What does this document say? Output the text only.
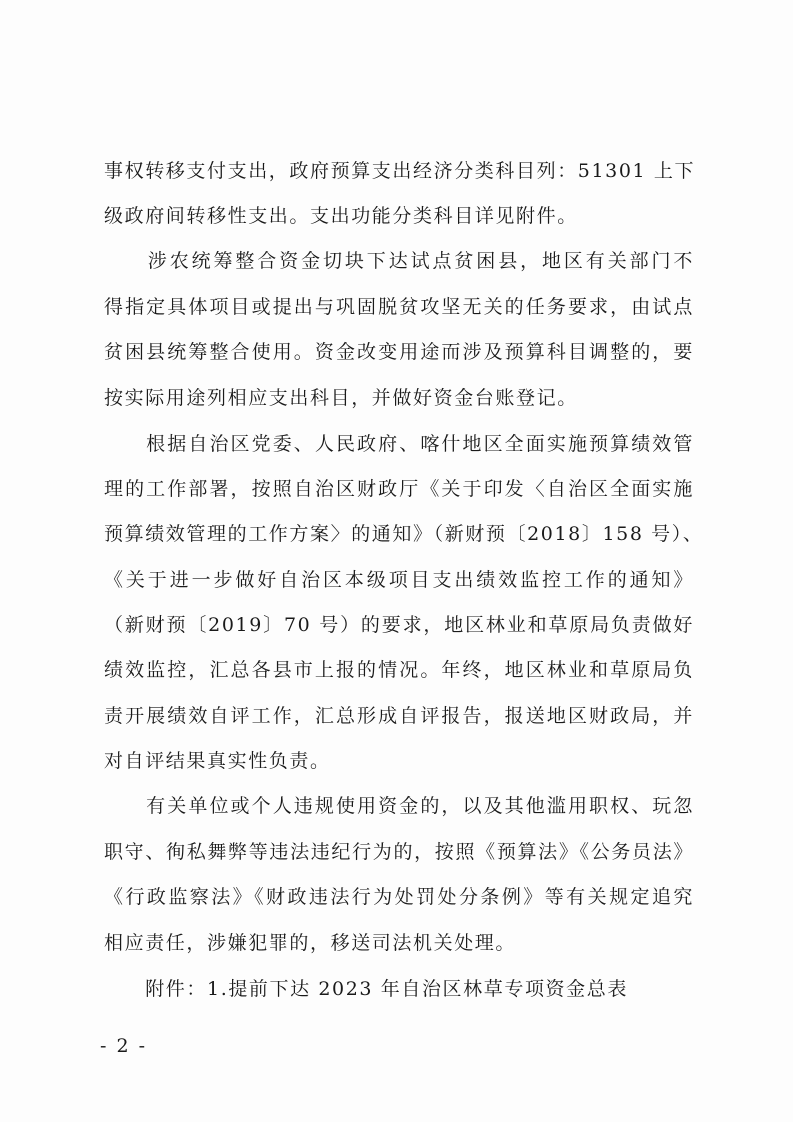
事权转移支付支出，政府预算支出经济分类科目列：51301 上下
级政府间转移性支出。支出功能分类科目详见附件。
　　涉农统筹整合资金切块下达试点贫困县，地区有关部门不
得指定具体项目或提出与巩固脱贫攻坚无关的任务要求，由试点
贫困县统筹整合使用。资金改变用途而涉及预算科目调整的，要
按实际用途列相应支出科目，并做好资金台账登记。
　　根据自治区党委、人民政府、喀什地区全面实施预算绩效管
理的工作部署，按照自治区财政厅《关于印发〈自治区全面实施
预算绩效管理的工作方案〉的通知》（新财预〔2018〕158 号）、
《关于进一步做好自治区本级项目支出绩效监控工作的通知》
（新财预〔2019〕70 号）的要求，地区林业和草原局负责做好
绩效监控，汇总各县市上报的情况。年终，地区林业和草原局负
责开展绩效自评工作，汇总形成自评报告，报送地区财政局，并
对自评结果真实性负责。
　　有关单位或个人违规使用资金的，以及其他滥用职权、玩忽
职守、徇私舞弊等违法违纪行为的，按照《预算法》《公务员法》
《行政监察法》《财政违法行为处罚处分条例》等有关规定追究
相应责任，涉嫌犯罪的，移送司法机关处理。
　　附件：1.提前下达 2023 年自治区林草专项资金总表
- 2 -
